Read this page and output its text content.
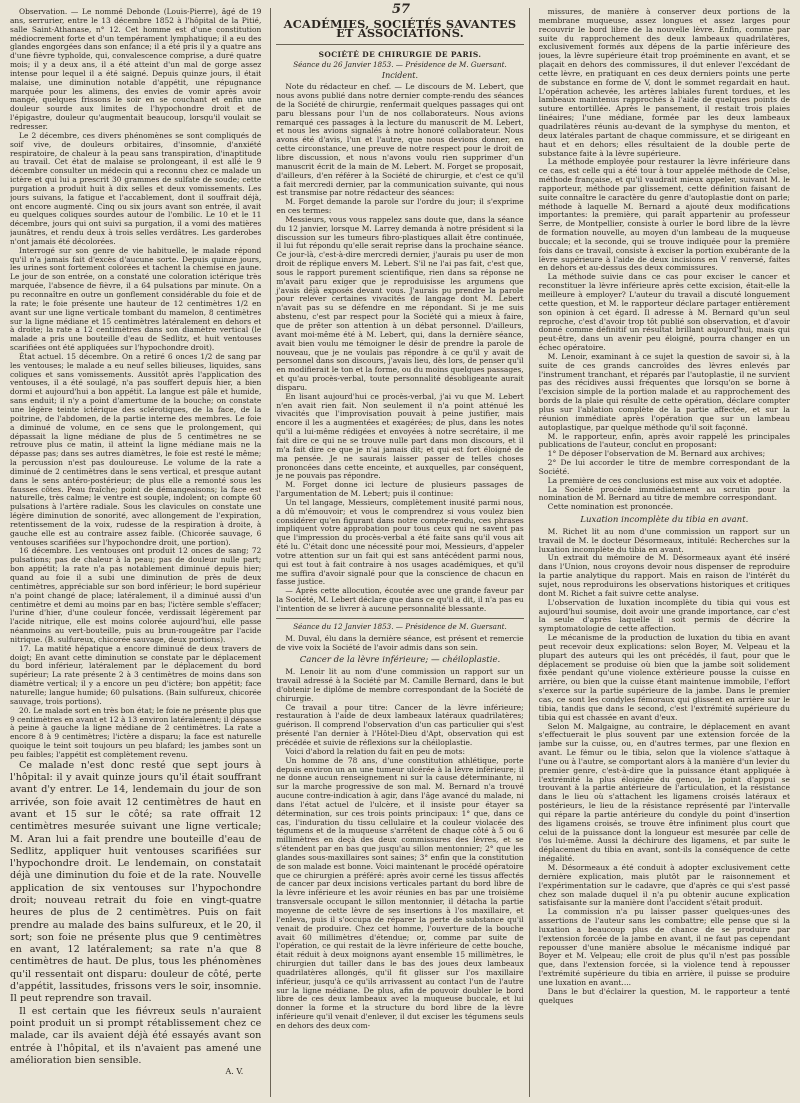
57

Observation. — Le nommé Debonde (Louis-Pierre), âgé de 19 ans, serrurier, entre le 13 décembre 1852 à l'hôpital de la Pitié, salle Saint-Athanase, n° 12. Cet homme est d'une constitution médiocrement forte et d'un tempérament lymphatique; il a eu des glandes engorgées dans son enfance; il a été pris il y a quatre ans d'une fièvre typhoïde, qui, convalescence comprise, a duré quatre mois; il y a deux ans, il a été atteint d'un mal de gorge assez intense pour lequel il a été saigné. Depuis quinze jours, il était malaise, une diminution notable d'appétit, une répugnance marquée pour les alimens, des envies de vomir après avoir mangé, quelques frissons le soir en se couchant et enfin une douleur sourde aux limites de l'hypochondre droit et de l'épigastre, douleur qu'augmentait beaucoup, lorsqu'il voulait se redresser.

Le 2 décembre, ces divers phénomènes se sont compliqués de soif vive, de douleurs orbitaires, d'insomnie, d'anxiété respiratoire, de chaleur à la peau sans transpiration, d'inaptitude au travail. Cet état de malaise se prolongeant, il est allé le 9 décembre consulter un médecin qui a reconnu chez ce malade un ictère et qui lui a prescrit 30 grammes de sulfate de soude; cette purgation a produit huit à dix selles et deux vomissements. Les jours suivans, la fatigue et l'accablement, dont il souffrait déjà, ont encore augmenté. Cinq ou six jours avant son entrée, il avait eu quelques coliques sourdes autour de l'ombilic. Le 10 et le 11 décembre, jours qui ont suivi sa purgation, il a vomi des matières jaunâtres, et rendu deux à trois selles verdâtres. Les garderobes n'ont jamais été décolorées.

Interrogé sur son genre de vie habituelle, le malade répond qu'il n'a jamais fait d'excès d'aucune sorte. Depuis quinze jours, les urines sont fortement colorées et tachent la chemise en jaune. Le jour de son entrée, on a constaté une coloration ictérique très marquée, l'absence de fièvre, il a 64 pulsations par minute. On a pu reconnaître en outre un gonflement considérable du foie et de la rate; le foie présente une hauteur de 12 centimètres 1/2 en avant sur une ligne verticale tombant du mamelon, 8 centimètres sur la ligne médiane et 15 centimètres latéralement en dehors et à droite; la rate a 12 centimètres dans son diamètre vertical (le malade a pris une bouteille d'eau de Sedlitz, et huit ventouses scarifiées ont été appliquées sur l'hypochondre droit).

État actuel. 15 décembre. On a retiré 6 onces 1/2 de sang par les ventouses; le malade a eu neuf selles bilieuses, liquides, sans coliques et sans vomissements. Aussitôt après l'application des ventouses, il a été soulagé, n'a pas souffert depuis hier, a bien dormi et aujourd'hui a bon appétit. La langue est pâle et humide, sans enduit; il n'y a point d'amertume de la bouche; on constate une légère teinte ictérique des sclérotiques, de la face, de la poitrine, de l'abdomen, de la partie interne des membres. Le foie a diminué de volume, en ce sens que le prolongement, qui dépassait la ligne médiane de plus de 5 centimètres ne se retrouve plus ce matin, il atteint la ligne médiane mais ne la dépasse pas; dans ses autres diamètres, le foie est resté le même; la percussion n'est pas douloureuse. Le volume de la rate a diminué de 2 centimètres dans le sens vertical, et presque autant dans le sens antéro-postérieur; de plus elle a remonté sous les fausses côtes. Peau fraîche; point de démangeaisons; la face est naturelle, très calme; le ventre est souple, indolent; on compte 60 pulsations à l'artère radiale. Sous les clavicules on constate une légère diminution de sonorité, avec allongement de l'expiration, retentissement de la voix, rudesse de la respiration à droite, à gauche elle est au contraire assez faible. (Chicorée sauvage, 6 ventouses scarifiées sur l'hypochondre droit, une portion).

16 décembre. Les ventouses ont produit 12 onces de sang; 72 pulsations; pas de chaleur à la peau; pas de douleur nulle part; bon appétit; la rate n'a pas notablement diminué depuis hier; quand au foie il a subi une diminution de près de deux centimètres, appréciable sur son bord inférieur; le bord supérieur n'a point changé de place; latéralement, il a diminué aussi d'un centimètre et demi au moins par en bas; l'ictère semble s'effacer; l'urine d'hier, d'une couleur foncée, verdissait légèrement par l'acide nitrique, elle est moins colorée aujourd'hui, elle passe néanmoins au vert-bouteille, puis au brun-rougeâtre par l'acide nitrique. (B. sulfureux, chicorée sauvage, deux portions).

17. La matité hépatique a encore diminué de deux travers de doigt; En avant cette diminution se constate par le déplacement du bord inférieur, latéralement par le déplacement du bord supérieur; La rate présente 2 à 3 centimètres de moins dans son diamètre vertical; il y a encore un peu d'ictère; bon appétit; face naturelle; langue humide; 60 pulsations. (Bain sulfureux, chicorée sauvage, trois portions).

20. Le malade sort en très bon état; le foie ne présente plus que 9 centimètres en avant et 12 à 13 environ latéralement; il dépasse à peine à gauche la ligne médiane de 2 centimètres. La rate a encore 8 à 9 centimètres; l'ictère a disparu; la face est naturelle quoique le teint soit toujours un peu blafard; les jambes sont un peu faibles; l'appétit est complètement revenu.

Ce malade n'est donc resté que sept jours à l'hôpital: il y avait quinze jours qu'il était souffrant avant d'y entrer. Le 14, lendemain du jour de son arrivée, son foie avait 12 centimètres de haut en avant et 15 sur le côté; sa rate offrait 12 centimètres mesurée suivant une ligne verticale; M. Aran lui a fait prendre une bouteille d'eau de Sedlitz, appliquer huit ventouses scarifiées sur l'hypochondre droit. Le lendemain, on constatait déjà une diminution du foie et de la rate. Nouvelle application de six ventouses sur l'hypochondre droit; nouveau retrait du foie en vingt-quatre heures de plus de 2 centimètres. Puis on fait prendre au malade des bains sulfureux, et le 20, il sort; son foie ne présente plus que 9 centimètres en avant, 12 latéralement; sa rate n'a que 8 centimètres de haut. De plus, tous les phénomènes qu'il ressentait ont disparu: douleur de côté, perte d'appétit, lassitudes, frissons vers le soir, insomnie. Il peut reprendre son travail.

Il est certain que les fiévreux seuls n'auraient point produit un si prompt rétablissement chez ce malade, car ils avaient déjà été essayés avant son entrée à l'hôpital, et ils n'avaient pas amené une amélioration bien sensible.

A. V.
ACADÉMIES, SOCIÉTÉS SAVANTES ET ASSOCIATIONS.
SOCIÉTÉ DE CHIRURGIE DE PARIS.
Séance du 26 Janvier 1853. — Présidence de M. Guersant.
Incident.

Note du rédacteur en chef. — Le discours de M. Lebert, que nous avons publié dans notre dernier compte-rendu des séances de la Société de chirurgie, renfermait quelques passages qui ont paru blessans pour l'un de nos collaborateurs. Nous avions remarqué ces passages à la lecture du manuscrit de M. Lebert, et nous les avions signalés à notre honoré collaborateur. Nous avons été d'avis, l'un et l'autre, que nous devions donner, en cette circonstance, une preuve de notre respect pour le droit de libre discussion, et nous n'avons voulu rien supprimer d'un manuscrit écrit de la main de M. Lebert. M. Forget se proposait, d'ailleurs, d'en référer à la Société de chirurgie, et c'est ce qu'il a fait mercredi dernier, par la communication suivante, qui nous est transmise par notre rédacteur des séances:

M. Forget demande la parole sur l'ordre du jour; il s'exprime en ces termes:

Messieurs, vous vous rappelez sans doute que, dans la séance du 12 janvier, lorsque M. Larrey demanda à notre président si la discussion sur les tumeurs fibro-plastiques allait être continuée, il lui fut répondu qu'elle serait reprise dans la prochaine séance. Ce jour-là, c'est-à-dire mercredi dernier, j'aurais pu user de mon droit de réplique envers M. Lebert. S'il ne l'ai pas fait, c'est que, sous le rapport purement scientifique, rien dans sa réponse ne m'avait paru exiger que je reproduisisse les argumens que j'avais déjà exposés devant vous. J'aurais pu prendre la parole pour relever certaines vivacités de langage dont M. Lebert n'avait pas su se défendre en me répondant. Si je me suis abstenu, c'est par respect pour la Société qui a mieux à faire, que de prêter son attention à un débat personnel. D'ailleurs, avant moi-même été à M. Lebert, qui, dans la dernière séance, avait bien voulu me témoigner le désir de prendre la parole de nouveau, que je ne voulais pas répondre à ce qu'il y avait de personnel dans son discours, j'avais lieu, dès lors, de penser qu'il en modifierait le ton et la forme, ou du moins quelques passages, et qu'au procès-verbal, toute personnalité désobligeante aurait disparu.

En lisant aujourd'hui ce procès-verbal, j'ai vu que M. Lebert n'en avait rien fait. Non seulement il n'a point atténué les vivacités que l'improvisation pouvait à peine justifier, mais encore il les a augmentées et exagérées; de plus, dans les notes qu'il a lui-même rédigées et envoyées à notre secrétaire, il me fait dire ce qui ne se trouve nulle part dans mon discours, et il m'a fait dire ce que je n'ai jamais dit; et qui est fort éloigné de ma pensée. Je ne saurais laisser passer de telles choses prononcées dans cette enceinte, et auxquelles, par conséquent, je ne pouvais pas répondre.

M. Forget donne ici lecture de plusieurs passages de l'argumentation de M. Lebert; puis il continue:

Un tel langage, Messieurs, complètement inusité parmi nous, a dû m'émouvoir; et vous le comprendrez si vous voulez bien considérer qu'en figurant dans notre compte-rendu, ces phrases impliquent votre approbation pour tous ceux qui ne savent pas que l'impression du procès-verbal a été faite sans qu'il vous ait été lu. C'était donc une nécessité pour moi, Messieurs, d'appeler votre attention sur un fait qui est sans antécédent parmi nous, qui est tout à fait contraire à nos usages académiques, et qu'il me suffira d'avoir signalé pour que la conscience de chacun en fasse justice.

— Après cette allocution, écoutée avec une grande faveur par la Société, M. Lebert déclare que dans ce qu'il a dit, il n'a pas eu l'intention de se livrer à aucune personnalité blessante.

Séance du 12 Janvier 1853. — Présidence de M. Guersant.

M. Duval, élu dans la dernière séance, est présent et remercie de vive voix la Société de l'avoir admis dans son sein.

Cancer de la lèvre inférieure; — chéiloplastie.

M. Lenoir lit au nom d'une commission un rapport sur un travail adressé à la Société par M. Camille Bernard, dans le but d'obtenir le diplôme de membre correspondant de la Société de chirurgie.

Ce travail a pour titre: Cancer de la lèvre inférieure; restauration à l'aide de deux lambeaux latéraux quadrilatères; guérison. Il comprend l'observation d'un cas particulier qui s'est présenté l'an dernier à l'Hôtel-Dieu d'Apt, observation qui est précédée et suivie de réflexions sur la chéiloplastie.

Voici d'abord la relation du fait en peu de mots:

Un homme de 78 ans, d'une constitution athlétique, porte depuis environ un an une tumeur ulcérée à la lèvre inférieure; il ne donne aucun renseignement ni sur la cause déterminante, ni sur la marche progressive de son mal. M. Bernard n'a trouvé aucune contre-indication à agir, dans l'âge avancé du malade, ni dans l'état actuel de l'ulcère, et il insiste pour étayer sa détermination, sur ces trois points principaux: 1° que, dans ce cas, l'induration du tissu cellulaire et la couleur violacée des tégumens et de la muqueuse s'arrêtent de chaque côté à 5 ou 6 millimètres en deçà des deux commissures des lèvres, et se s'étendent par en bas que jusqu'au sillon mentonnier; 2° que les glandes sous-maxillaires sont saines; 3° enfin que la constitution de son malade est bonne. Voici maintenant le procédé opératoire que ce chirurgien a préféré: après avoir cerné les tissus affectés de cancer par deux incisions verticales partant du bord libre de la lèvre inférieure et les avoir réunies en bas par une troisième transversale occupant le sillon mentonnier, il détacha la partie moyenne de cette lèvre de ses insertions à l'os maxillaire, et l'enleva, puis il s'occupa de réparer la perte de substance qu'il venait de produire. Chez cet homme, l'ouverture de la bouche avait 60 millimètres d'étendue; or, comme par suite de l'opération, ce qui restait de la lèvre inférieure de cette bouche, était réduit à deux moignons ayant ensemble 15 millimètres, le chirurgien dut tailler dans le bas des joues deux lambeaux quadrilatères allongés, qu'il fit glisser sur l'os maxillaire inférieur, jusqu'à ce qu'ils arrivassent au contact l'un de l'autre sur la ligne médiane. De plus, afin de pouvoir doubler le bord libre de ces deux lambeaux avec la muqueuse buccale, et lui donner la forme et la structure du bord libre de la lèvre inférieure qu'il venait d'enlever, il dut exciser les tégumens seuls en dehors des deux com-

missures, de manière à conserver deux portions de la membrane muqueuse, assez longues et assez larges pour recouvrir le bord libre de la nouvelle lèvre. Enfin, comme par suite du rapprochement des deux lambeaux quadrilatères, exclusivement formés aux dépens de la partie inférieure des joues, la lèvre supérieure était trop proéminente en avant, et se plaçait en dehors des commissures, il dut enlever l'excédant de cette lèvre, en pratiquant en ces deux derniers points une perte de substance en forme de V, dont le sommet regardait en haut. L'opération achevée, les artères labiales furent tordues, et les lambeaux maintenus rapprochés à l'aide de quelques points de suture entortillée. Après le pansement, il restait trois plaies linéaires; l'une médiane, formée par les deux lambeaux quadrilatères réunis au-devant de la symphyse du menton, et deux latérales partant de chaque commissure, et se dirigeant en haut et en dehors; elles résultaient de la double perte de substance faite à la lèvre supérieure.

La méthode employée pour restaurer la lèvre inférieure dans ce cas, est celle qui a été tour à tour appelée méthode de Celse, méthode française, et qu'il vaudrait mieux appeler, suivant M. le rapporteur, méthode par glissement, cette définition faisant de suite connaître le caractère du genre d'autoplastie dont on parle; méthode à laquelle M. Bernard a ajouté deux modifications importantes: la première, qui paraît appartenir au professeur Serre, de Montpellier, consiste à ourler le bord libre de la lèvre de formation nouvelle, au moyen d'un lambeau de la muqueuse buccale; et la seconde, qui se trouve indiquée pour la première fois dans ce travail, consiste à exciser la portion exubérante de la lèvre supérieure à l'aide de deux incisions en V renversé, faites en dehors et au-dessus des deux commissures.

La méthode suivie dans ce cas pour exciser le cancer et reconstituer la lèvre inférieure après cette excision, était-elle la meilleure à employer? L'auteur du travail a discuté longuement cette question, et M. le rapporteur déclare partager entièrement son opinion à cet égard. Il adresse à M. Bernard qu'un seul reproche, c'est d'avoir trop tôt publié son observation, et d'avoir donné comme définitif un résultat brillant aujourd'hui, mais qui peut-être, dans un avenir peu éloigné, pourra changer en un échec opératoire.

M. Lenoir, examinant à ce sujet la question de savoir si, à la suite de ces grands cancroïdes des lèvres enlevés par l'instrument tranchant, et réparés par l'autoplastie, il ne survient pas des récidives aussi fréquentes que lorsqu'on se borne à l'excision simple de la portion malade et au rapprochement des bords de la plaie qui résulte de cette opération, déclare compter plus sur l'ablation complète de la partie affectée, et sur la réunion immédiate après l'opération que sur un lambeau autoplastique, par quelque méthode qu'il soit façonné.

M. le rapporteur, enfin, après avoir rappelé les principales publications de l'auteur, conclut en proposant:

1° De déposer l'observation de M. Bernard aux archives;

2° De lui accorder le titre de membre correspondant de la Société.

La première de ces conclusions est mise aux voix et adoptée.

La Société procède immédiatement au scrutin pour la nomination de M. Bernard au titre de membre correspondant.

Cette nomination est prononcée.

Luxation incomplète du tibia en avant.

M. Richet lit au nom d'une commission un rapport sur un travail de M. le docteur Désormeaux, intitulé: Recherches sur la luxation incomplète du tibia en avant.

Un extrait du mémoire de M. Désormeaux ayant été inséré dans l'Union, nous croyons devoir nous dispenser de reproduire la partie analytique du rapport. Mais en raison de l'intérêt du sujet, nous reproduirons les observations historiques et critiques dont M. Richet a fait suivre cette analyse.

L'observation de luxation incomplète du tibia qui vous est aujourd'hui soumise, doit avoir une grande importance, car c'est la seule d'après laquelle il soit permis de décrire la symptomatologie de cette affection.

Le mécanisme de la production de luxation du tibia en avant peut recevoir deux explications: selon Boyer, M. Velpeau et la plupart des auteurs qui les ont précédés, il faut, pour que le déplacement se produise où bien que la jambe soit solidement fixée pendant qu'une violence extérieure pousse la cuisse en arrière, ou bien que la cuisse étant maintenue immobile, l'effort s'exerce sur la partie supérieure de la jambe. Dans le premier cas, ce sont les condyles fémoraux qui glissent en arrière sur le tibia, tandis que dans le second, c'est l'extrémité supérieure du tibia qui est chassée en avant d'eux.

Selon M. Malgaigne, au contraire, le déplacement en avant s'effectuerait le plus souvent par une extension forcée de la jambe sur la cuisse, ou, en d'autres termes, par une flexion en avant. Le fémur ou le tibia, selon que la violence s'attaque à l'une ou à l'autre, se comportant alors à la manière d'un levier du premier genre, c'est-à-dire que la puissance étant appliquée à l'extrémité la plus éloignée du genou, le point d'appui se trouvant à la partie antérieure de l'articulation, et la résistance dans le lieu où s'attachent les ligamens croisés latéraux et postérieurs, le lieu de la résistance représenté par l'intervalle qui répare la partie antérieure du condyle du point d'insertion des ligamens croisés, se trouve être infiniment plus court que celui de la puissance dont la longueur est mesurée par celle de l'os lui-même. Aussi la déchirure des ligamens, et par suite le déplacement du tibia en avant, sont-ils la conséquence de cette inégalité.

M. Désormeaux a été conduit à adopter exclusivement cette dernière explication, mais plutôt par le raisonnement et l'expérimentation sur le cadavre, que d'après ce qui s'est passé chez son malade duquel il n'a pu obtenir aucune explication satisfaisante sur la manière dont l'accident s'était produit.

La commission n'a pu laisser passer quelques-unes des assertions de l'auteur sans les combattre; elle pense que si la luxation a beaucoup plus de chance de se produire par l'extension forcée de la jambe en avant, il ne faut pas cependant repousser d'une manière absolue le mécanisme indiqué par Boyer et M. Velpeau; elle croit de plus qu'il n'est pas possible que, dans l'extension forcée, si la violence tend à repousser l'extrémité supérieure du tibia en arrière, il puisse se produire une luxation en avant....

Dans le but d'éclairer la question, M. le rapporteur a tenté quelques
